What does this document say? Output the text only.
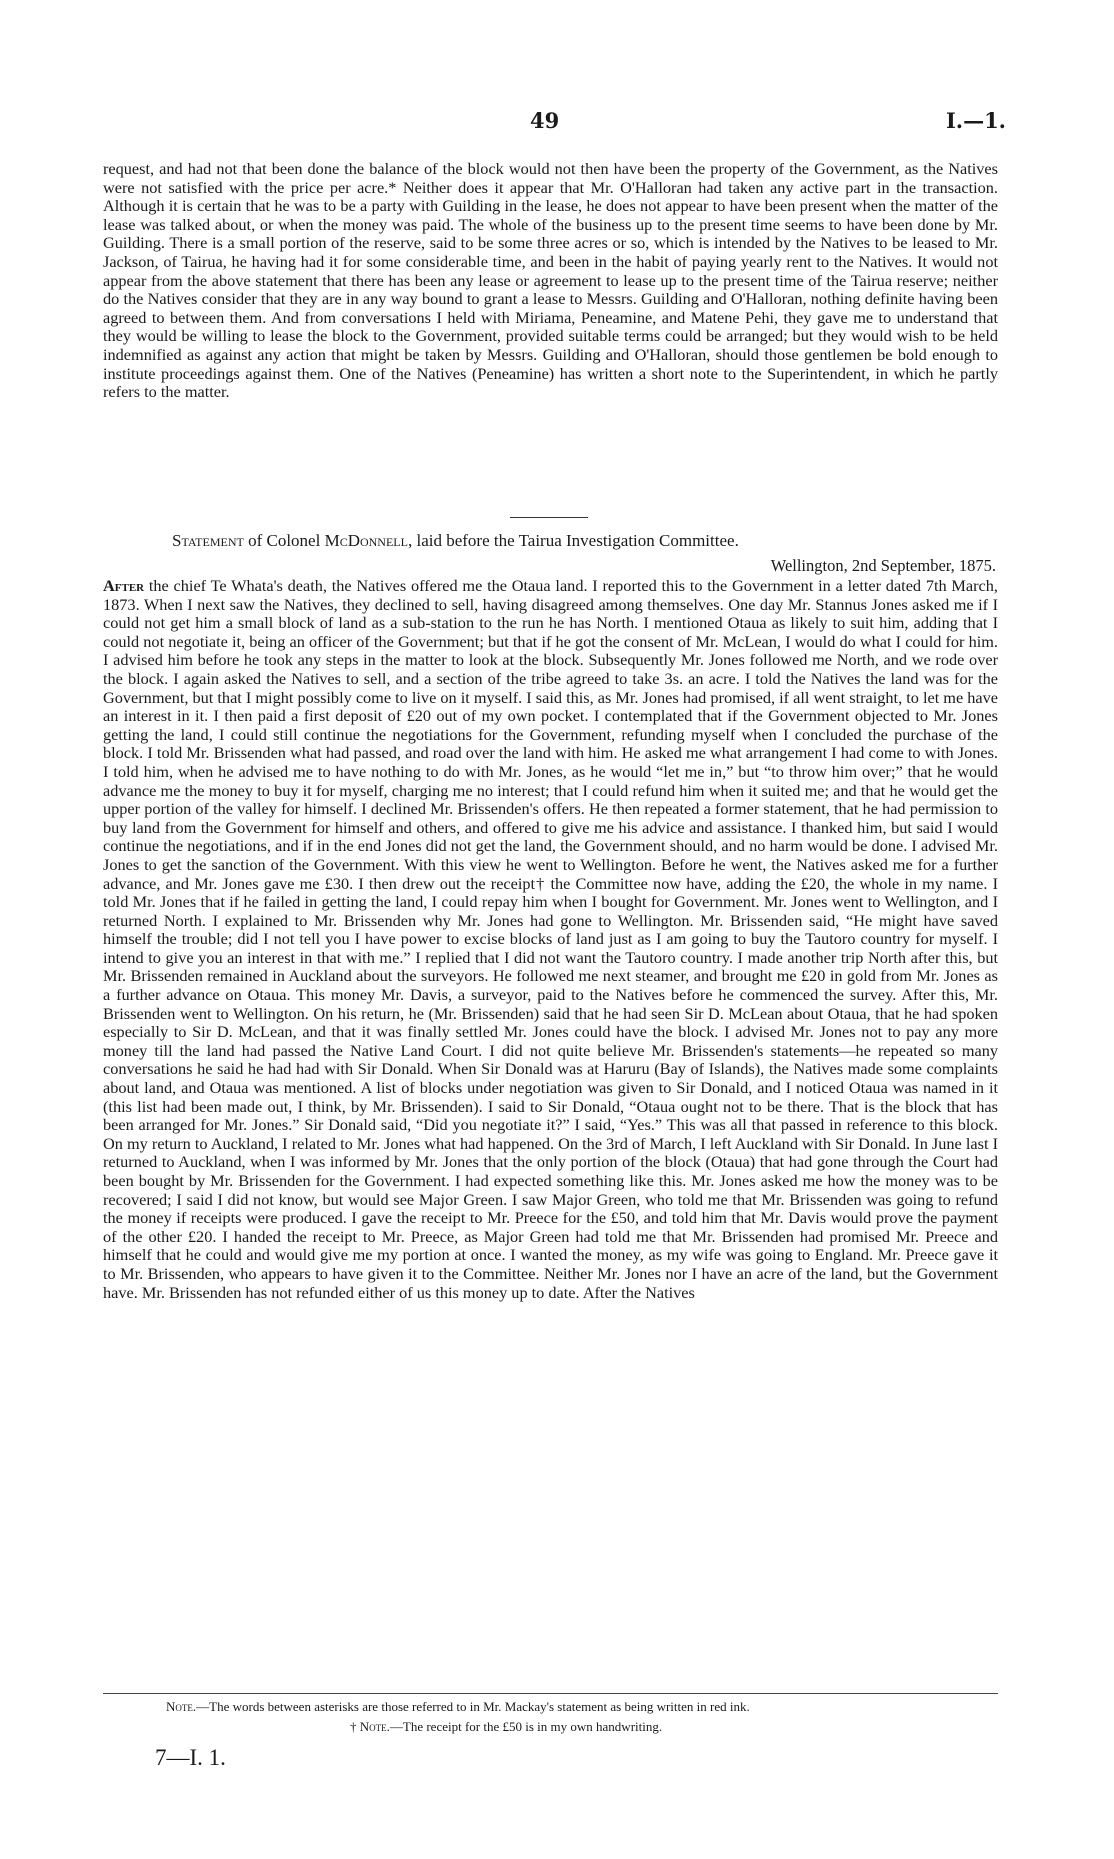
49	I.—1.
request, and had not that been done the balance of the block would not then have been the property of the Government, as the Natives were not satisfied with the price per acre.* Neither does it appear that Mr. O'Halloran had taken any active part in the transaction. Although it is certain that he was to be a party with Guilding in the lease, he does not appear to have been present when the matter of the lease was talked about, or when the money was paid. The whole of the business up to the present time seems to have been done by Mr. Guilding. There is a small portion of the reserve, said to be some three acres or so, which is intended by the Natives to be leased to Mr. Jackson, of Tairua, he having had it for some considerable time, and been in the habit of paying yearly rent to the Natives. It would not appear from the above statement that there has been any lease or agreement to lease up to the present time of the Tairua reserve; neither do the Natives consider that they are in any way bound to grant a lease to Messrs. Guilding and O'Halloran, nothing definite having been agreed to between them. And from conversations I held with Miriama, Peneamine, and Matene Pehi, they gave me to understand that they would be willing to lease the block to the Government, provided suitable terms could be arranged; but they would wish to be held indemnified as against any action that might be taken by Messrs. Guilding and O'Halloran, should those gentlemen be bold enough to institute proceedings against them. One of the Natives (Peneamine) has written a short note to the Superintendent, in which he partly refers to the matter.
Statement of Colonel McDonnell, laid before the Tairua Investigation Committee.
Wellington, 2nd September, 1875.
After the chief Te Whata's death, the Natives offered me the Otaua land. I reported this to the Government in a letter dated 7th March, 1873. When I next saw the Natives, they declined to sell, having disagreed among themselves. One day Mr. Stannus Jones asked me if I could not get him a small block of land as a sub-station to the run he has North. I mentioned Otaua as likely to suit him, adding that I could not negotiate it, being an officer of the Government; but that if he got the consent of Mr. McLean, I would do what I could for him. I advised him before he took any steps in the matter to look at the block. Subsequently Mr. Jones followed me North, and we rode over the block. I again asked the Natives to sell, and a section of the tribe agreed to take 3s. an acre. I told the Natives the land was for the Government, but that I might possibly come to live on it myself. I said this, as Mr. Jones had promised, if all went straight, to let me have an interest in it. I then paid a first deposit of £20 out of my own pocket. I contemplated that if the Government objected to Mr. Jones getting the land, I could still continue the negotiations for the Government, refunding myself when I concluded the purchase of the block. I told Mr. Brissenden what had passed, and road over the land with him. He asked me what arrangement I had come to with Jones. I told him, when he advised me to have nothing to do with Mr. Jones, as he would “let me in,” but “to throw him over;” that he would advance me the money to buy it for myself, charging me no interest; that I could refund him when it suited me; and that he would get the upper portion of the valley for himself. I declined Mr. Brissenden's offers. He then repeated a former statement, that he had permission to buy land from the Government for himself and others, and offered to give me his advice and assistance. I thanked him, but said I would continue the negotiations, and if in the end Jones did not get the land, the Government should, and no harm would be done. I advised Mr. Jones to get the sanction of the Government. With this view he went to Wellington. Before he went, the Natives asked me for a further advance, and Mr. Jones gave me £30. I then drew out the receipt† the Committee now have, adding the £20, the whole in my name. I told Mr. Jones that if he failed in getting the land, I could repay him when I bought for Government. Mr. Jones went to Wellington, and I returned North. I explained to Mr. Brissenden why Mr. Jones had gone to Wellington. Mr. Brissenden said, “He might have saved himself the trouble; did I not tell you I have power to excise blocks of land just as I am going to buy the Tautoro country for myself. I intend to give you an interest in that with me.” I replied that I did not want the Tautoro country. I made another trip North after this, but Mr. Brissenden remained in Auckland about the surveyors. He followed me next steamer, and brought me £20 in gold from Mr. Jones as a further advance on Otaua. This money Mr. Davis, a surveyor, paid to the Natives before he commenced the survey. After this, Mr. Brissenden went to Wellington. On his return, he (Mr. Brissenden) said that he had seen Sir D. McLean about Otaua, that he had spoken especially to Sir D. McLean, and that it was finally settled Mr. Jones could have the block. I advised Mr. Jones not to pay any more money till the land had passed the Native Land Court. I did not quite believe Mr. Brissenden's statements—he repeated so many conversations he said he had had with Sir Donald. When Sir Donald was at Haruru (Bay of Islands), the Natives made some complaints about land, and Otaua was mentioned. A list of blocks under negotiation was given to Sir Donald, and I noticed Otaua was named in it (this list had been made out, I think, by Mr. Brissenden). I said to Sir Donald, “Otaua ought not to be there. That is the block that has been arranged for Mr. Jones.” Sir Donald said, “Did you negotiate it?” I said, “Yes.” This was all that passed in reference to this block. On my return to Auckland, I related to Mr. Jones what had happened. On the 3rd of March, I left Auckland with Sir Donald. In June last I returned to Auckland, when I was informed by Mr. Jones that the only portion of the block (Otaua) that had gone through the Court had been bought by Mr. Brissenden for the Government. I had expected something like this. Mr. Jones asked me how the money was to be recovered; I said I did not know, but would see Major Green. I saw Major Green, who told me that Mr. Brissenden was going to refund the money if receipts were produced. I gave the receipt to Mr. Preece for the £50, and told him that Mr. Davis would prove the payment of the other £20. I handed the receipt to Mr. Preece, as Major Green had told me that Mr. Brissenden had promised Mr. Preece and himself that he could and would give me my portion at once. I wanted the money, as my wife was going to England. Mr. Preece gave it to Mr. Brissenden, who appears to have given it to the Committee. Neither Mr. Jones nor I have an acre of the land, but the Government have. Mr. Brissenden has not refunded either of us this money up to date. After the Natives
Note.—The words between asterisks are those referred to in Mr. Mackay's statement as being written in red ink.
† Note.—The receipt for the £50 is in my own handwriting.
7—I. 1.
